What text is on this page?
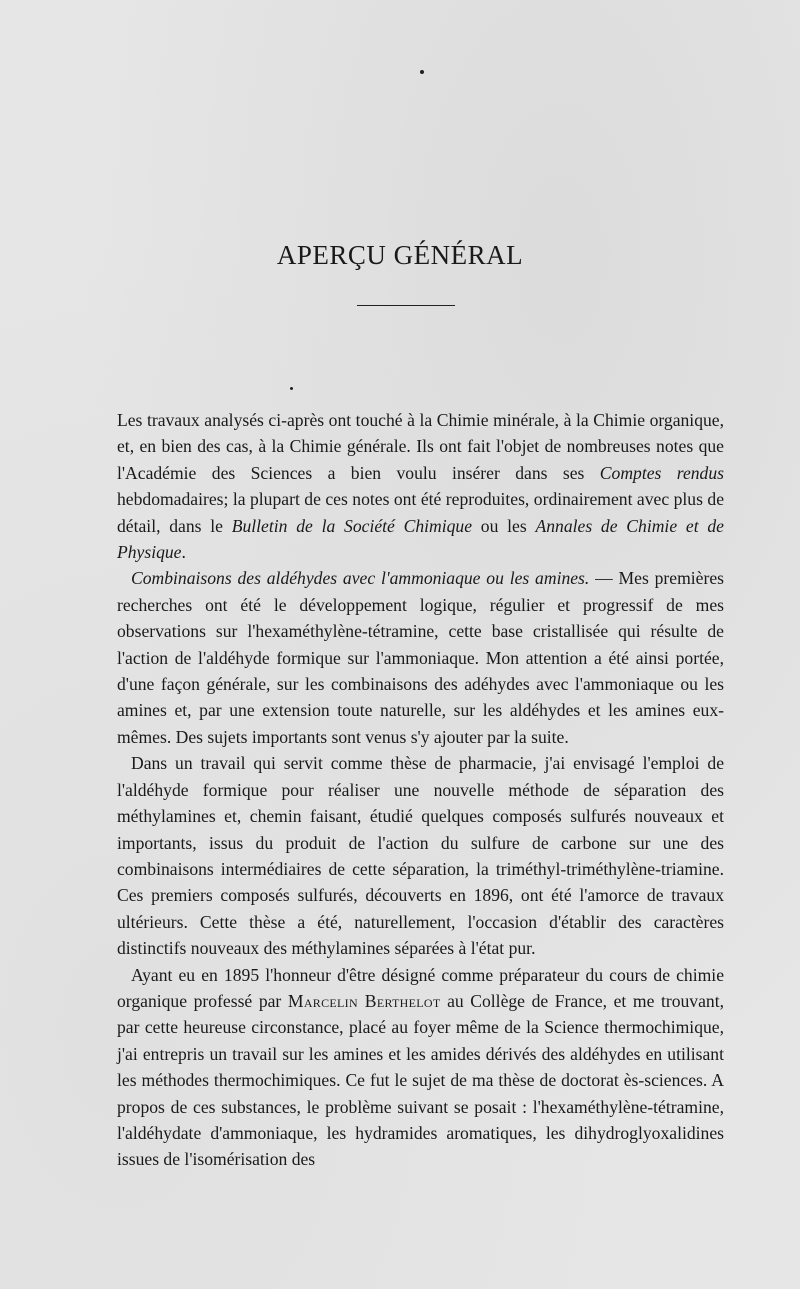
APERÇU GÉNÉRAL

Les travaux analysés ci-après ont touché à la Chimie minérale, à la Chimie organique, et, en bien des cas, à la Chimie générale. Ils ont fait l'objet de nombreuses notes que l'Académie des Sciences a bien voulu insérer dans ses Comptes rendus hebdomadaires; la plupart de ces notes ont été reproduites, ordinairement avec plus de détail, dans le Bulletin de la Société Chimique ou les Annales de Chimie et de Physique.

Combinaisons des aldéhydes avec l'ammoniaque ou les amines. — Mes premières recherches ont été le développement logique, régulier et progressif de mes observations sur l'hexaméthylène-tétramine, cette base cristallisée qui résulte de l'action de l'aldéhyde formique sur l'ammoniaque. Mon attention a été ainsi portée, d'une façon générale, sur les combinaisons des adéhydes avec l'ammoniaque ou les amines et, par une extension toute naturelle, sur les aldéhydes et les amines eux-mêmes. Des sujets importants sont venus s'y ajouter par la suite.

Dans un travail qui servit comme thèse de pharmacie, j'ai envisagé l'emploi de l'aldéhyde formique pour réaliser une nouvelle méthode de séparation des méthylamines et, chemin faisant, étudié quelques composés sulfurés nouveaux et importants, issus du produit de l'action du sulfure de carbone sur une des combinaisons intermédiaires de cette séparation, la triméthyl-triméthylène-triamine. Ces premiers composés sulfurés, découverts en 1896, ont été l'amorce de travaux ultérieurs. Cette thèse a été, naturellement, l'occasion d'établir des caractères distinctifs nouveaux des méthylamines séparées à l'état pur.

Ayant eu en 1895 l'honneur d'être désigné comme préparateur du cours de chimie organique professé par Marcelin Berthelot au Collège de France, et me trouvant, par cette heureuse circonstance, placé au foyer même de la Science thermochimique, j'ai entrepris un travail sur les amines et les amides dérivés des aldéhydes en utilisant les méthodes thermochimiques. Ce fut le sujet de ma thèse de doctorat ès-sciences. A propos de ces substances, le problème suivant se posait : l'hexaméthylène-tétramine, l'aldéhydate d'ammoniaque, les hydramides aromatiques, les dihydroglyoxalidines issues de l'isomérisation des
